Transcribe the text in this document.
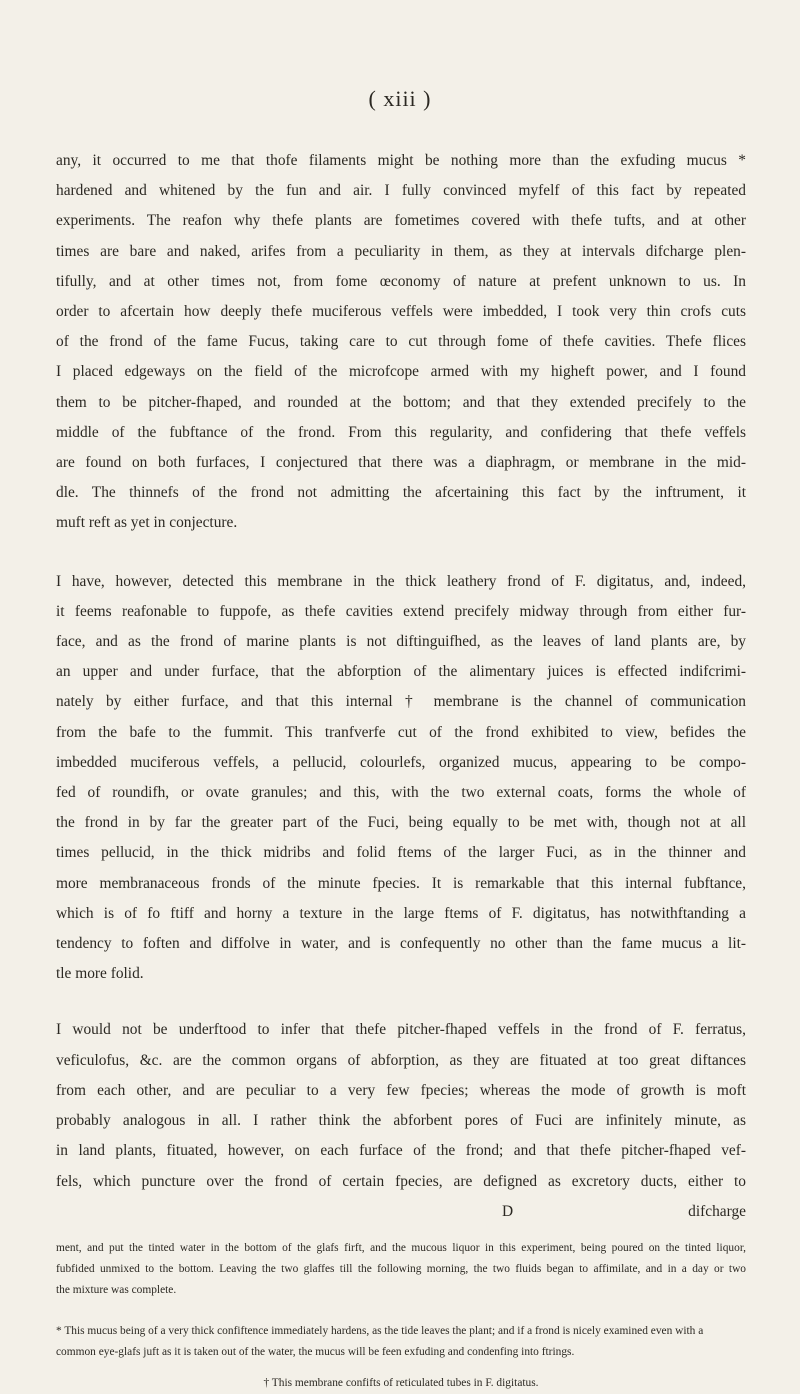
( xiii )

any, it occurred to me that thofe filaments might be nothing more than the exfuding mucus *
hardened and whitened by the fun and air. I fully convinced myfelf of this fact by repeated
experiments. The reafon why thefe plants are fometimes covered with thefe tufts, and at other
times are bare and naked, arifes from a peculiarity in them, as they at intervals difcharge plen-
tifully, and at other times not, from fome œconomy of nature at prefent unknown to us. In
order to afcertain how deeply thefe muciferous veffels were imbedded, I took very thin crofs cuts
of the frond of the fame Fucus, taking care to cut through fome of thefe cavities. Thefe flices
I placed edgeways on the field of the microfcope armed with my higheft power, and I found
them to be pitcher-fhaped, and rounded at the bottom; and that they extended precifely to the
middle of the fubftance of the frond. From this regularity, and confidering that thefe veffels
are found on both furfaces, I conjectured that there was a diaphragm, or membrane in the mid-
dle. The thinnefs of the frond not admitting the afcertaining this fact by the inftrument, it
muft reft as yet in conjecture.

I have, however, detected this membrane in the thick leathery frond of F. digitatus, and, indeed,
it feems reafonable to fuppofe, as thefe cavities extend precifely midway through from either fur-
face, and as the frond of marine plants is not diftinguifhed, as the leaves of land plants are, by
an upper and under furface, that the abforption of the alimentary juices is effected indifcrimi-
nately by either furface, and that this internal † membrane is the channel of communication
from the bafe to the fummit. This tranfverfe cut of the frond exhibited to view, befides the
imbedded muciferous veffels, a pellucid, colourlefs, organized mucus, appearing to be compo-
fed of roundifh, or ovate granules; and this, with the two external coats, forms the whole of
the frond in by far the greater part of the Fuci, being equally to be met with, though not at all
times pellucid, in the thick midribs and folid ftems of the larger Fuci, as in the thinner and
more membranaceous fronds of the minute fpecies. It is remarkable that this internal fubftance,
which is of fo ftiff and horny a texture in the large ftems of F. digitatus, has notwithftanding a
tendency to foften and diffolve in water, and is confequently no other than the fame mucus a lit-
tle more folid.

I would not be underftood to infer that thefe pitcher-fhaped veffels in the frond of F. ferratus,
veficulofus, &c. are the common organs of abforption, as they are fituated at too great diftances
from each other, and are peculiar to a very few fpecies; whereas the mode of growth is moft
probably analogous in all. I rather think the abforbent pores of Fuci are infinitely minute, as
in land plants, fituated, however, on each furface of the frond; and that thefe pitcher-fhaped vef-
fels, which puncture over the frond of certain fpecies, are defigned as excretory ducts, either to

D	difcharge

ment, and put the tinted water in the bottom of the glafs firft, and the mucous liquor in this experiment, being poured on the tinted liquor,
fubfided unmixed to the bottom. Leaving the two glaffes till the following morning, the two fluids began to affimilate, and in a day or two
the mixture was complete.

* This mucus being of a very thick confiftence immediately hardens, as the tide leaves the plant; and if a frond is nicely examined even with a
common eye-glafs juft as it is taken out of the water, the mucus will be feen exfuding and condenfing into ftrings.

† This membrane confifts of reticulated tubes in F. digitatus.
